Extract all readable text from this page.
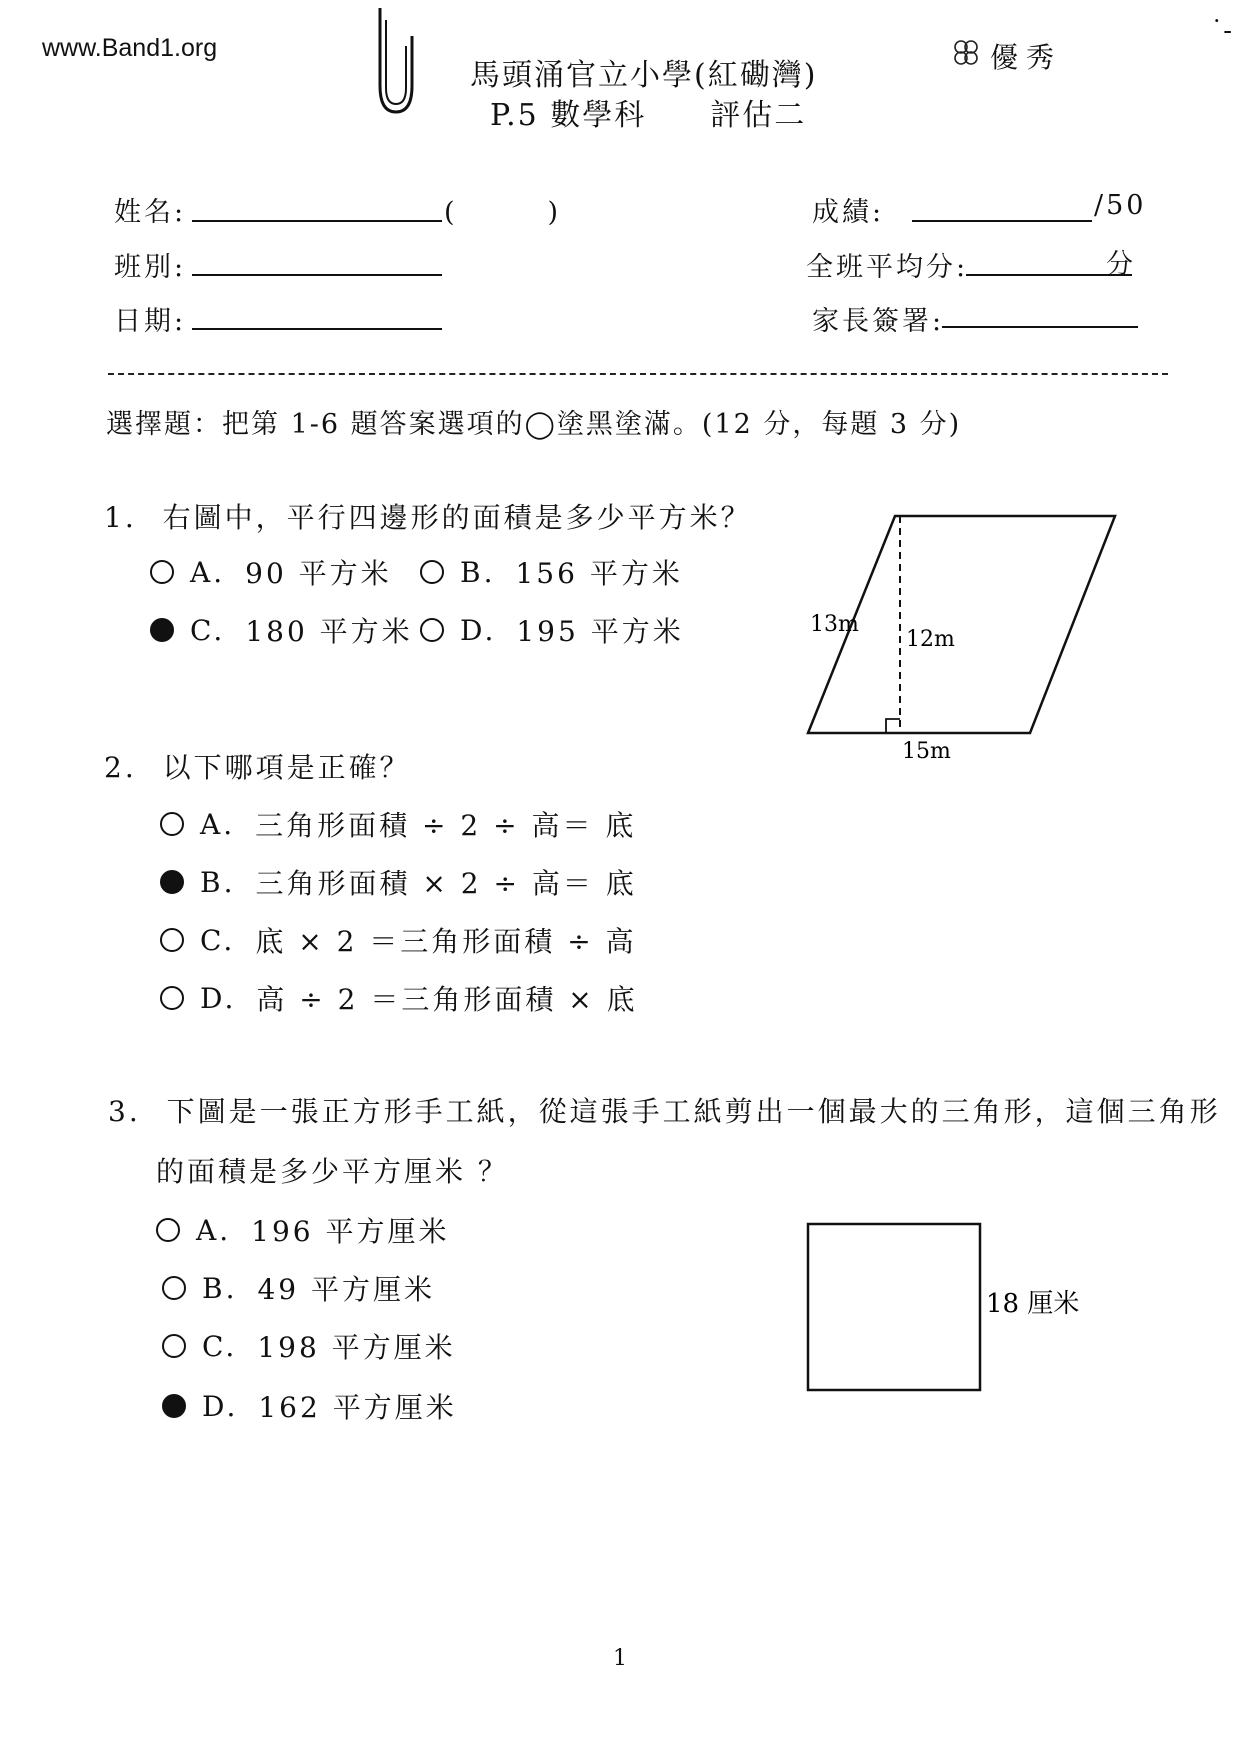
www.Band1.org
馬頭涌官立小學(紅磡灣)
P.5 數學科　　評估二
優秀
˙-
姓名:	(　　　)
班別:
日期:
成績:	/50
全班平均分:	分
家長簽署:
選擇題：把第 1-6 題答案選項的◯塗黑塗滿。(12 分，每題 3 分)
1. 右圖中，平行四邊形的面積是多少平方米？
A. 90 平方米 B. 156 平方米
C. 180 平方米 D. 195 平方米	13m
12m
15m
2. 以下哪項是正確？
A. 三角形面積 ÷ 2 ÷ 高＝ 底
B. 三角形面積 × 2 ÷ 高＝ 底
C. 底 × 2 ＝三角形面積 ÷ 高
D. 高 ÷ 2 ＝三角形面積 × 底
3. 下圖是一張正方形手工紙，從這張手工紙剪出一個最大的三角形，這個三角形
的面積是多少平方厘米 ？
A. 196 平方厘米
B. 49 平方厘米
C. 198 平方厘米
D. 162 平方厘米
18 厘米
1
